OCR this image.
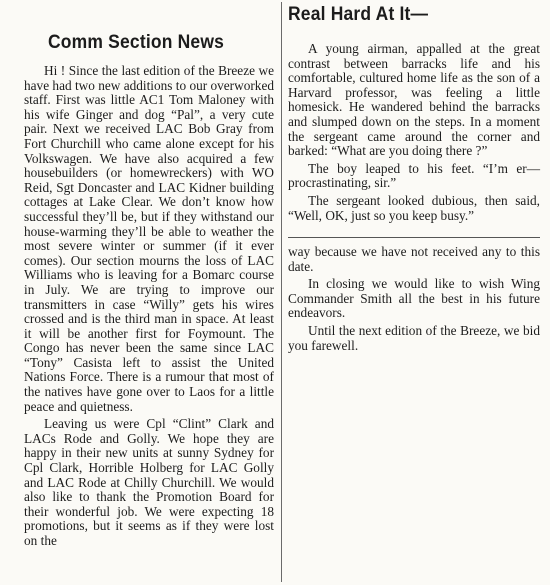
Comm Section News

Hi ! Since the last edition of the Breeze we have had two new additions to our overworked staff. First was little AC1 Tom Maloney with his wife Ginger and dog “Pal”, a very cute pair. Next we received LAC Bob Gray from Fort Churchill who came alone except for his Volkswagen. We have also acquired a few housebuilders (or homewreckers) with WO Reid, Sgt Doncaster and LAC Kidner building cottages at Lake Clear. We don’t know how successful they’ll be, but if they withstand our house-warming they’ll be able to weather the most severe winter or summer (if it ever comes). Our section mourns the loss of LAC Williams who is leaving for a Bomarc course in July. We are trying to improve our transmitters in case “Willy” gets his wires crossed and is the third man in space. At least it will be another first for Foymount. The Congo has never been the same since LAC “Tony” Casista left to assist the United Nations Force. There is a rumour that most of the natives have gone over to Laos for a little peace and quietness.

Leaving us were Cpl “Clint” Clark and LACs Rode and Golly. We hope they are happy in their new units at sunny Sydney for Cpl Clark, Horrible Holberg for LAC Golly and LAC Rode at Chilly Churchill. We would also like to thank the Promotion Board for their wonderful job. We were expecting 18 promotions, but it seems as if they were lost on the

Real Hard At It—

A young airman, appalled at the great contrast between barracks life and his comfortable, cultured home life as the son of a Harvard professor, was feeling a little homesick. He wandered behind the barracks and slumped down on the steps. In a moment the sergeant came around the corner and barked: “What are you doing there ?”

The boy leaped to his feet. “I’m er—procrastinating, sir.”

The sergeant looked dubious, then said, “Well, OK, just so you keep busy.”

way because we have not received any to this date.

In closing we would like to wish Wing Commander Smith all the best in his future endeavors.

Until the next edition of the Breeze, we bid you farewell.
